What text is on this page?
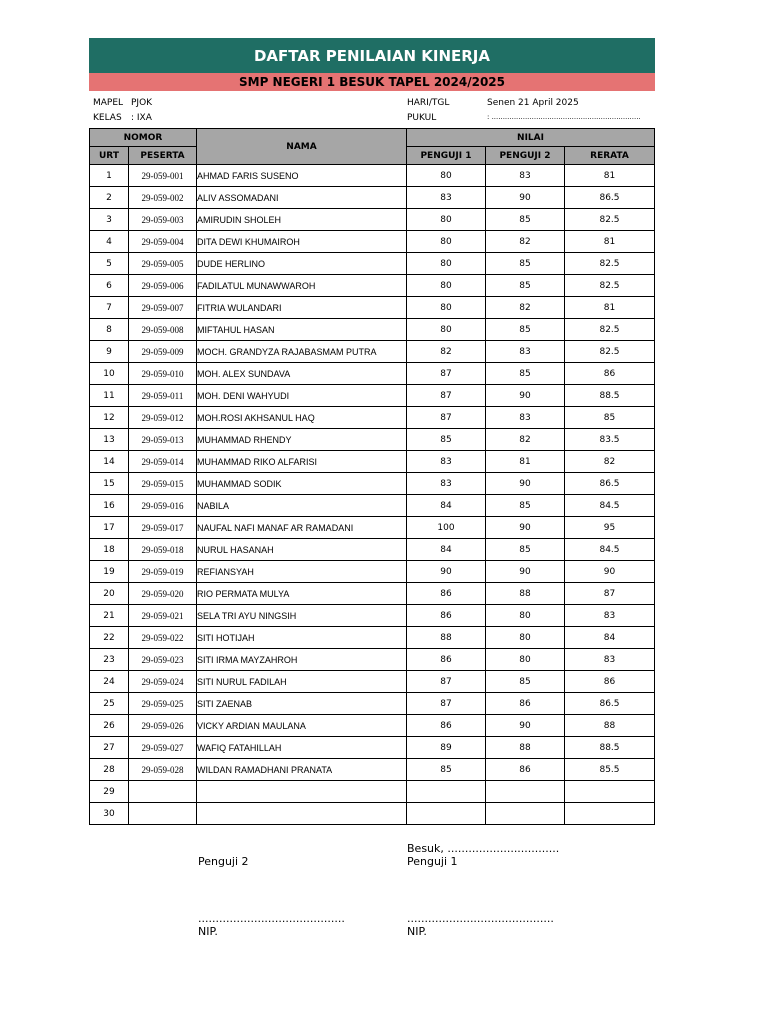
DAFTAR PENILAIAN KINERJA
SMP NEGERI 1 BESUK TAPEL 2024/2025
MAPEL PJOK
KELAS : IXA
HARI/TGL	Senen 21 April 2025
PUKUL	: ...................................................................
NOMOR		NAMA	NILAI		
URT	PESERTA		PENGUJI 1	PENGUJI 2	RERATA
1	29-059-001	AHMAD FARIS SUSENO	80	83	81
2	29-059-002	ALIV ASSOMADANI	83	90	86.5
3	29-059-003	AMIRUDIN SHOLEH	80	85	82.5
4	29-059-004	DITA DEWI KHUMAIROH	80	82	81
5	29-059-005	DUDE HERLINO	80	85	82.5
6	29-059-006	FADILATUL MUNAWWAROH	80	85	82.5
7	29-059-007	FITRIA WULANDARI	80	82	81
8	29-059-008	MIFTAHUL HASAN	80	85	82.5
9	29-059-009	MOCH. GRANDYZA RAJABASMAM PUTRA	82	83	82.5
10	29-059-010	MOH. ALEX SUNDAVA	87	85	86
11	29-059-011	MOH. DENI WAHYUDI	87	90	88.5
12	29-059-012	MOH.ROSI AKHSANUL HAQ	87	83	85
13	29-059-013	MUHAMMAD RHENDY	85	82	83.5
14	29-059-014	MUHAMMAD RIKO ALFARISI	83	81	82
15	29-059-015	MUHAMMAD SODIK	83	90	86.5
16	29-059-016	NABILA	84	85	84.5
17	29-059-017	NAUFAL NAFI MANAF AR RAMADANI	100	90	95
18	29-059-018	NURUL HASANAH	84	85	84.5
19	29-059-019	REFIANSYAH	90	90	90
20	29-059-020	RIO PERMATA MULYA	86	88	87
21	29-059-021	SELA TRI AYU NINGSIH	86	80	83
22	29-059-022	SITI HOTIJAH	88	80	84
23	29-059-023	SITI IRMA MAYZAHROH	86	80	83
24	29-059-024	SITI NURUL FADILAH	87	85	86
25	29-059-025	SITI ZAENAB	87	86	86.5
26	29-059-026	VICKY ARDIAN MAULANA	86	90	88
27	29-059-027	WAFIQ FATAHILLAH	89	88	88.5
28	29-059-028	WILDAN RAMADHANI PRANATA	85	86	85.5
29					
30					
Besuk, ................................
Penguji 2	Penguji 1
..........................................	..........................................
NIP.	NIP.
